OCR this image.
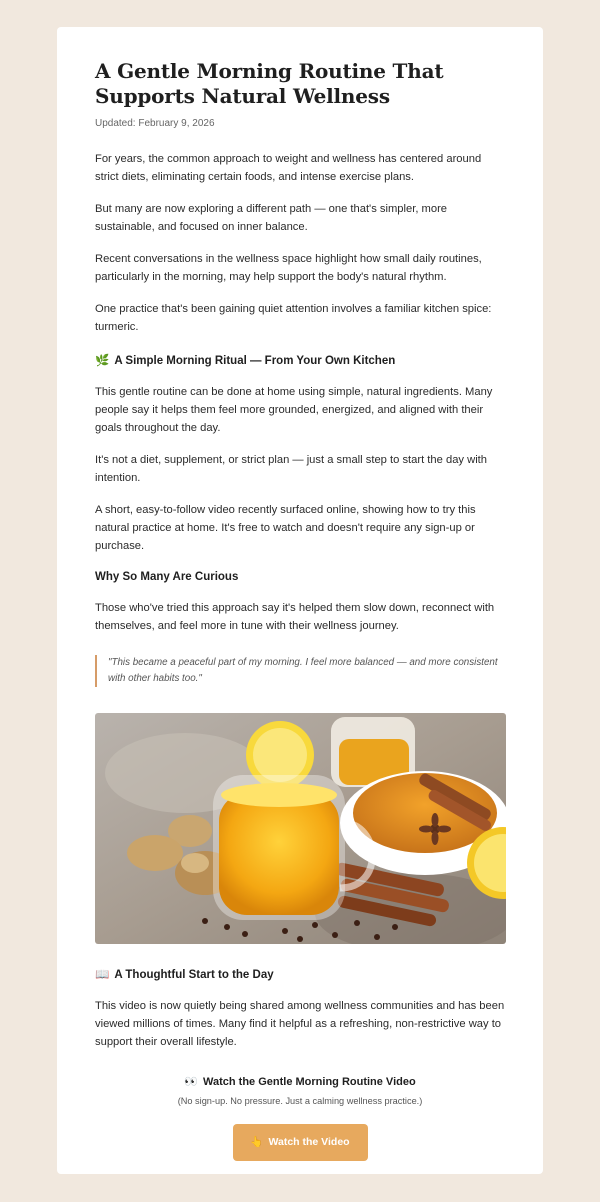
A Gentle Morning Routine That Supports Natural Wellness
Updated: February 9, 2026

For years, the common approach to weight and wellness has centered around strict diets, eliminating certain foods, and intense exercise plans.

But many are now exploring a different path — one that's simpler, more sustainable, and focused on inner balance.

Recent conversations in the wellness space highlight how small daily routines, particularly in the morning, may help support the body's natural rhythm.

One practice that's been gaining quiet attention involves a familiar kitchen spice: turmeric.

🌿 A Simple Morning Ritual — From Your Own Kitchen

This gentle routine can be done at home using simple, natural ingredients. Many people say it helps them feel more grounded, energized, and aligned with their goals throughout the day.

It's not a diet, supplement, or strict plan — just a small step to start the day with intention.

A short, easy-to-follow video recently surfaced online, showing how to try this natural practice at home. It's free to watch and doesn't require any sign-up or purchase.

Why So Many Are Curious

Those who've tried this approach say it's helped them slow down, reconnect with themselves, and feel more in tune with their wellness journey.

"This became a peaceful part of my morning. I feel more balanced — and more consistent with other habits too."
📖 A Thoughtful Start to the Day

This video is now quietly being shared among wellness communities and has been viewed millions of times. Many find it helpful as a refreshing, non-restrictive way to support their overall lifestyle.

👀 Watch the Gentle Morning Routine Video
(No sign-up. No pressure. Just a calming wellness practice.)
👆 Watch the Video
